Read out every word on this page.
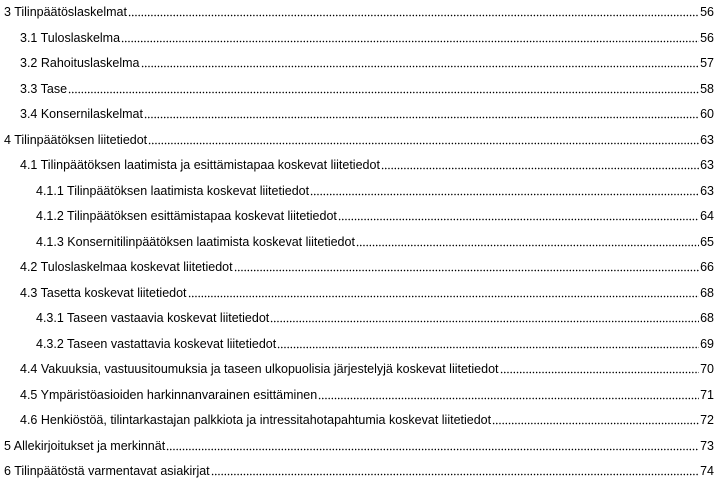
3 Tilinpäätöslaskelmat	56
3.1 Tuloslaskelma	56
3.2 Rahoituslaskelma	57
3.3 Tase	58
3.4 Konsernilaskelmat	60
4 Tilinpäätöksen liitetiedot	63
4.1 Tilinpäätöksen laatimista ja esittämistapaa koskevat liitetiedot	63
4.1.1 Tilinpäätöksen laatimista koskevat liitetiedot	63
4.1.2 Tilinpäätöksen esittämistapaa koskevat liitetiedot	64
4.1.3 Konsernitilinpäätöksen laatimista koskevat liitetiedot	65
4.2 Tuloslaskelmaa koskevat liitetiedot	66
4.3 Tasetta koskevat liitetiedot	68
4.3.1 Taseen vastaavia koskevat liitetiedot	68
4.3.2 Taseen vastattavia koskevat liitetiedot	69
4.4 Vakuuksia, vastuusitoumuksia ja taseen ulkopuolisia järjestelyjä koskevat liitetiedot	70
4.5 Ympäristöasioiden harkinnanvarainen esittäminen	71
4.6 Henkiöstöä, tilintarkastajan palkkiota ja intressitahotapahtumia koskevat liitetiedot	72
5 Allekirjoitukset ja merkinnät	73
6 Tilinpäätöstä varmentavat asiakirjat	74
